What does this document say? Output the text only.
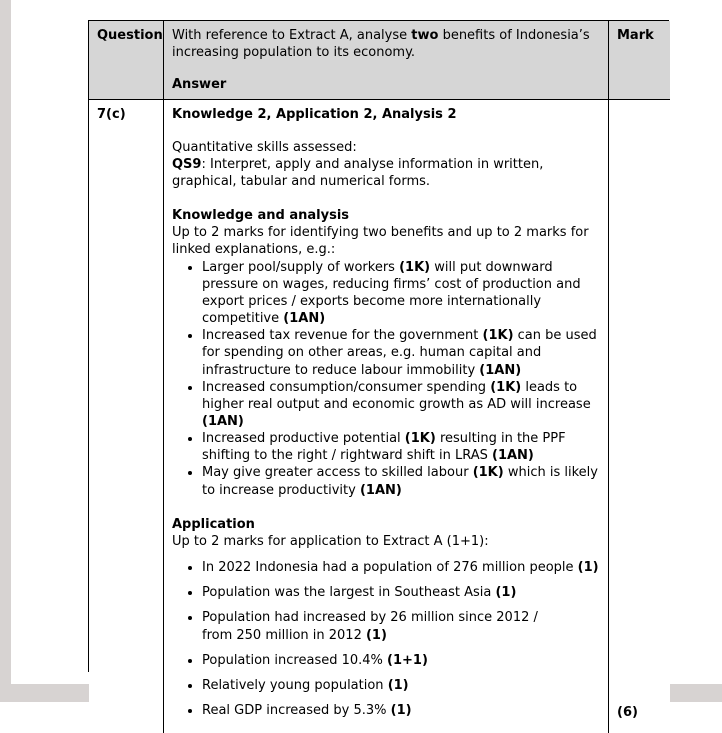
Question With reference to Extract A, analyse two benefits of Indonesia’s increasing population to its economy.
Answer
Mark
7(c)	Knowledge 2, Application 2, Analysis 2
Quantitative skills assessed:
QS9: Interpret, apply and analyse information in written,
graphical, tabular and numerical forms.
Knowledge and analysis
Up to 2 marks for identifying two benefits and up to 2 marks for linked explanations, e.g.:
• Larger pool/supply of workers (1K) will put downward pressure on wages, reducing firms’ cost of production and export prices / exports become more internationally competitive (1AN)
• Increased tax revenue for the government (1K) can be used for spending on other areas, e.g. human capital and infrastructure to reduce labour immobility (1AN)
• Increased consumption/consumer spending (1K) leads to higher real output and economic growth as AD will increase (1AN)
• Increased productive potential (1K) resulting in the PPF shifting to the right / rightward shift in LRAS (1AN)
• May give greater access to skilled labour (1K) which is likely to increase productivity (1AN)
Application
Up to 2 marks for application to Extract A (1+1):
• In 2022 Indonesia had a population of 276 million people (1)
• Population was the largest in Southeast Asia (1)
• Population had increased by 26 million since 2012 /
from 250 million in 2012 (1)
• Population increased 10.4% (1+1)
• Relatively young population (1)
• Real GDP increased by 5.3% (1)	(6)
